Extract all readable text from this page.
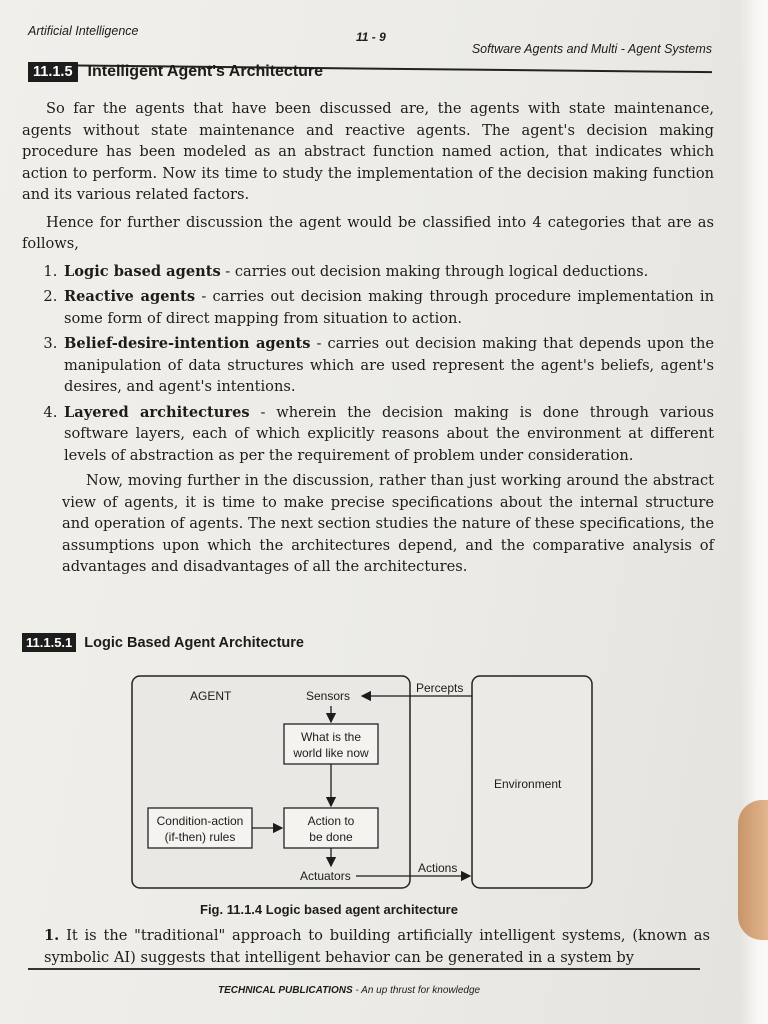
Artificial Intelligence	11 - 9
Software Agents and Multi - Agent Systems
11.1.5 Intelligent Agent's Architecture

So far the agents that have been discussed are, the agents with state maintenance, agents without state maintenance and reactive agents. The agent's decision making procedure has been modeled as an abstract function named action, that indicates which action to perform. Now its time to study the implementation of the decision making function and its various related factors.

Hence for further discussion the agent would be classified into 4 categories that are as follows,

1. Logic based agents - carries out decision making through logical deductions.
2. Reactive agents - carries out decision making through procedure implementation in some form of direct mapping from situation to action.
3. Belief-desire-intention agents - carries out decision making that depends upon the manipulation of data structures which are used represent the agent's beliefs, agent's desires, and agent's intentions.
4. Layered architectures - wherein the decision making is done through various software layers, each of which explicitly reasons about the environment at different levels of abstraction as per the requirement of problem under consideration.

Now, moving further in the discussion, rather than just working around the abstract view of agents, it is time to make precise specifications about the internal structure and operation of agents. The next section studies the nature of these specifications, the assumptions upon which the architectures depend, and the comparative analysis of advantages and disadvantages of all the architectures.

11.1.5.1 Logic Based Agent Architecture
AGENT	Sensors
What is the
world like now
Condition-action
(if-then) rules
Action to
be done
Actuators
Percepts
Actions
Environment
Fig. 11.1.4 Logic based agent architecture
1. It is the "traditional" approach to building artificially intelligent systems, (known as symbolic AI) suggests that intelligent behavior can be generated in a system by
TECHNICAL PUBLICATIONS - An up thrust for knowledge
